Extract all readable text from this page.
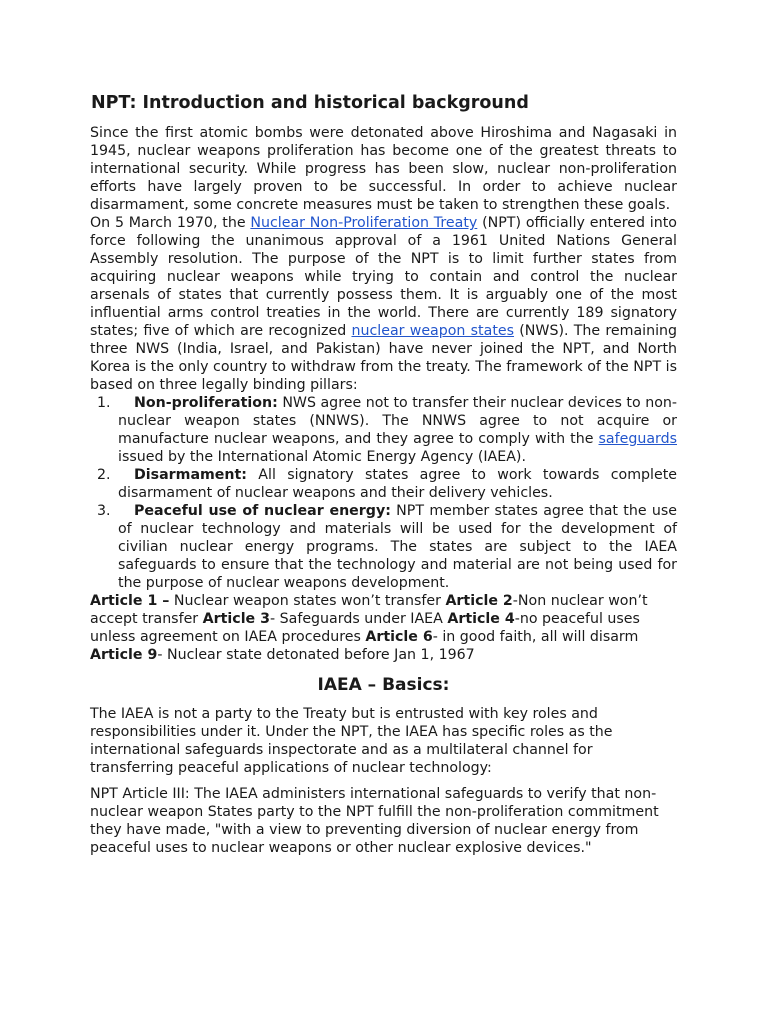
NPT: Introduction and historical background

Since the first atomic bombs were detonated above Hiroshima and Nagasaki in 1945, nuclear weapons proliferation has become one of the greatest threats to international security. While progress has been slow, nuclear non-proliferation efforts have largely proven to be successful. In order to achieve nuclear disarmament, some concrete measures must be taken to strengthen these goals.

On 5 March 1970, the Nuclear Non-Proliferation Treaty (NPT) officially entered into force following the unanimous approval of a 1961 United Nations General Assembly resolution. The purpose of the NPT is to limit further states from acquiring nuclear weapons while trying to contain and control the nuclear arsenals of states that currently possess them. It is arguably one of the most influential arms control treaties in the world. There are currently 189 signatory states; five of which are recognized nuclear weapon states (NWS). The remaining three NWS (India, Israel, and Pakistan) have never joined the NPT, and North Korea is the only country to withdraw from the treaty. The framework of the NPT is based on three legally binding pillars:

1. Non-proliferation: NWS agree not to transfer their nuclear devices to non-nuclear weapon states (NNWS). The NNWS agree to not acquire or manufacture nuclear weapons, and they agree to comply with the safeguards issued by the International Atomic Energy Agency (IAEA).
2. Disarmament: All signatory states agree to work towards complete disarmament of nuclear weapons and their delivery vehicles.
3. Peaceful use of nuclear energy: NPT member states agree that the use of nuclear technology and materials will be used for the development of civilian nuclear energy programs. The states are subject to the IAEA safeguards to ensure that the technology and material are not being used for the purpose of nuclear weapons development.

Article 1 – Nuclear weapon states won’t transfer Article 2-Non nuclear won’t accept transfer Article 3- Safeguards under IAEA Article 4-no peaceful uses unless agreement on IAEA procedures Article 6- in good faith, all will disarm Article 9- Nuclear state detonated before Jan 1, 1967

IAEA – Basics:

The IAEA is not a party to the Treaty but is entrusted with key roles and responsibilities under it. Under the NPT, the IAEA has specific roles as the international safeguards inspectorate and as a multilateral channel for transferring peaceful applications of nuclear technology:

NPT Article III: The IAEA administers international safeguards to verify that non-nuclear weapon States party to the NPT fulfill the non-proliferation commitment they have made, "with a view to preventing diversion of nuclear energy from peaceful uses to nuclear weapons or other nuclear explosive devices."
